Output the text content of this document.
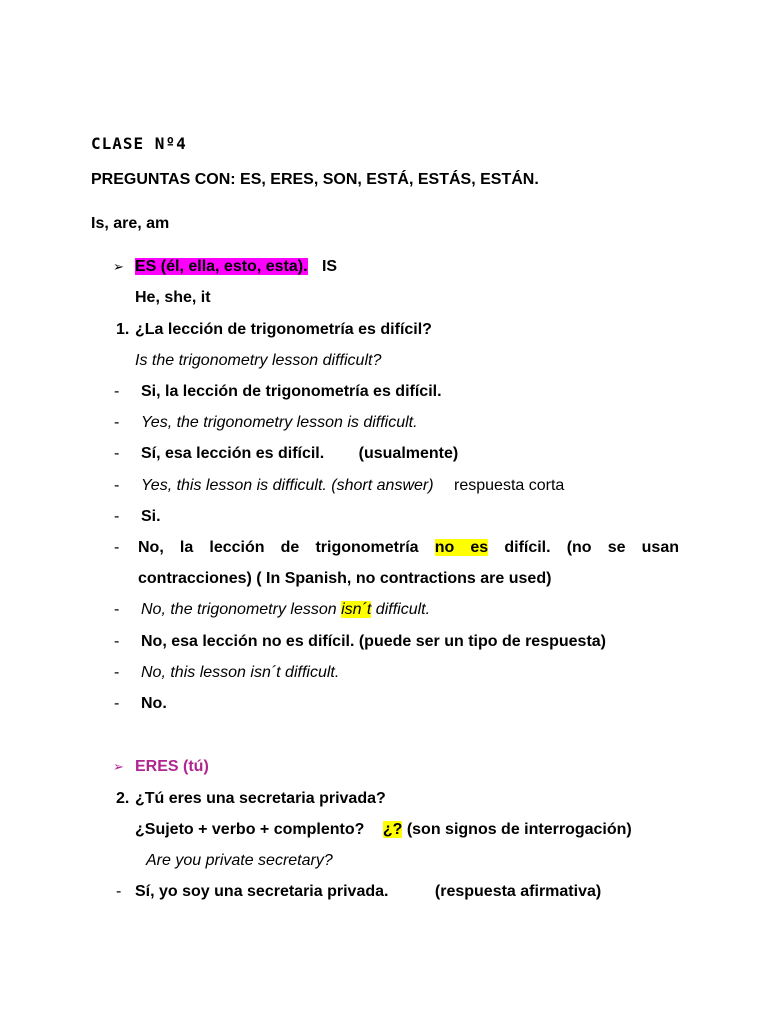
CLASE Nº4
PREGUNTAS CON: ES, ERES, SON, ESTÁ, ESTÁS, ESTÁN.
Is, are, am
➢ ES (él, ella, esto, esta). IS
He, she, it
1. ¿La lección de trigonometría es difícil?
Is the trigonometry lesson difficult?
- Si, la lección de trigonometría es difícil.
- Yes, the trigonometry lesson is difficult.
- Sí, esa lección es difícil. (usualmente)
- Yes, this lesson is difficult. (short answer) respuesta corta
- Si.
- No, la lección de trigonometría no es difícil. (no se usan
contracciones) ( In Spanish, no contractions are used)
- No, the trigonometry lesson isn´t difficult.
- No, esa lección no es difícil. (puede ser un tipo de respuesta)
- No, this lesson isn´t difficult.
- No.
➢ ERES (tú)
2. ¿Tú eres una secretaria privada?
¿Sujeto + verbo + complento? ¿? (son signos de interrogación)
Are you private secretary?
- Sí, yo soy una secretaria privada.	(respuesta afirmativa)
